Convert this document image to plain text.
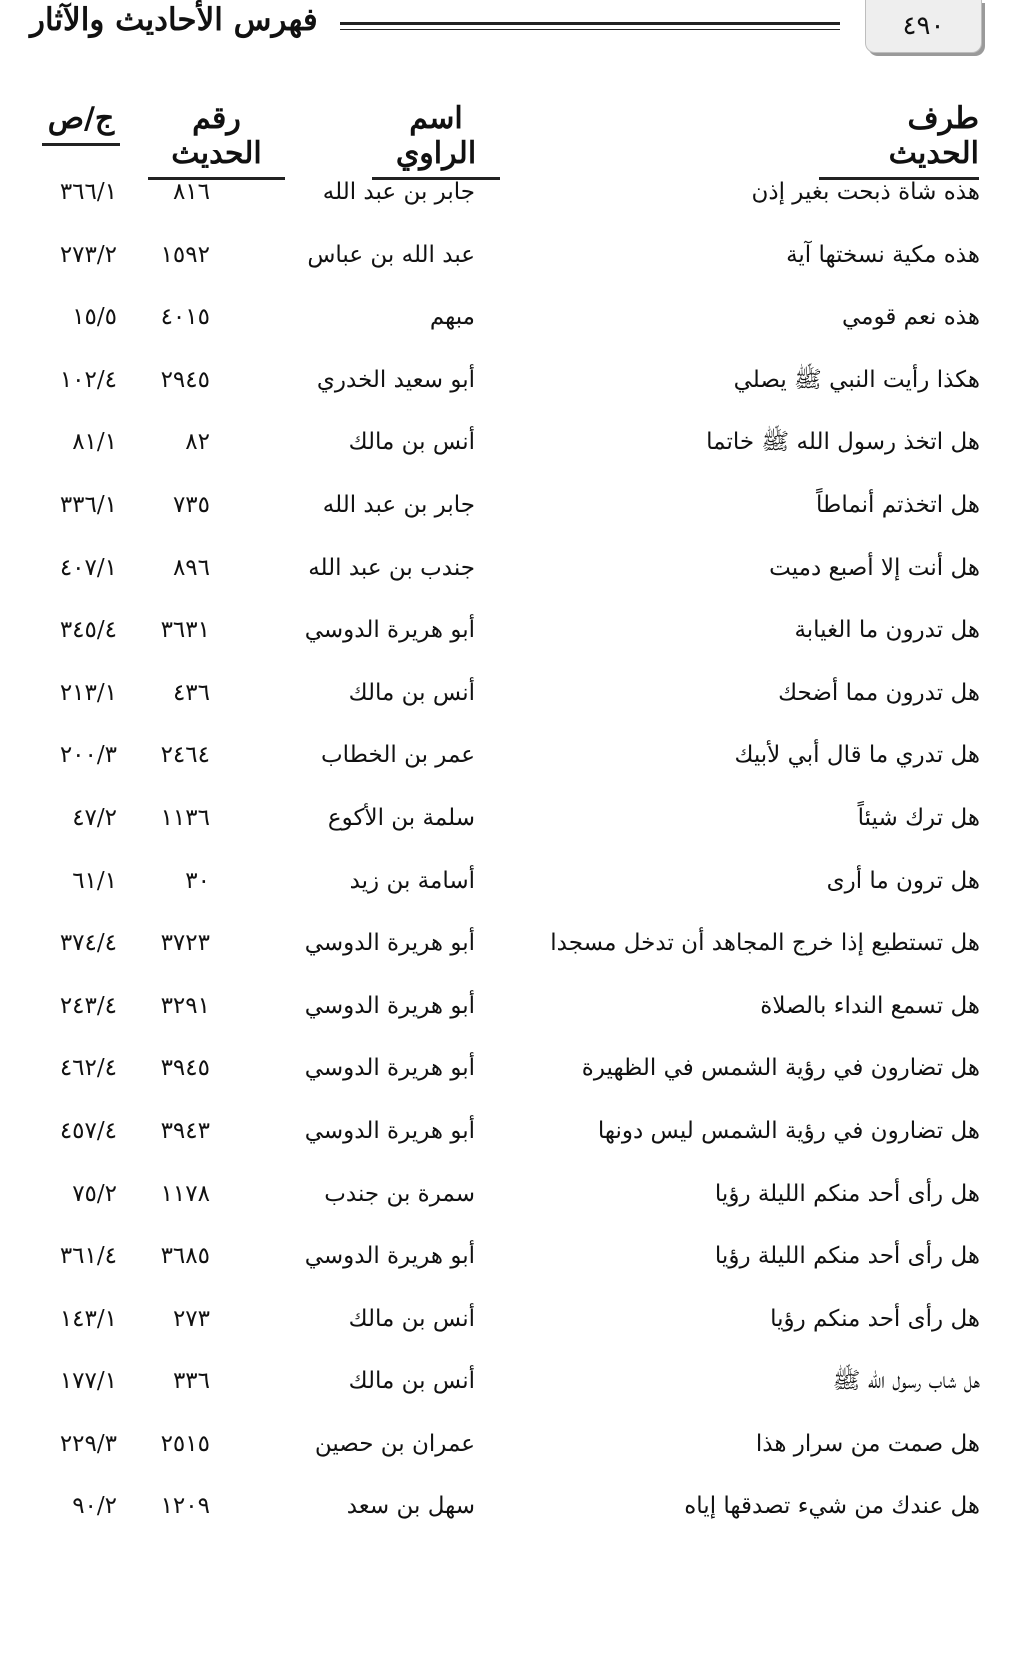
٤٩٠
فهرس الأحاديث والآثار
طرف الحديث
اسم الراوي
رقم الحديث
ج/ص
هذه شاة ذبحت بغير إذن
جابر بن عبد الله
٨١٦
٣٦٦/١
هذه مكية نسختها آية
عبد الله بن عباس
١٥٩٢
٢٧٣/٢
هذه نعم قومي
مبهم
٤٠١٥
١٥/٥
هكذا رأيت النبي ﷺ يصلي
أبو سعيد الخدري
٢٩٤٥
١٠٢/٤
هل اتخذ رسول الله ﷺ خاتما
أنس بن مالك
٨٢
٨١/١
هل اتخذتم أنماطاً
جابر بن عبد الله
٧٣٥
٣٣٦/١
هل أنت إلا أصبع دميت
جندب بن عبد الله
٨٩٦
٤٠٧/١
هل تدرون ما الغيابة
أبو هريرة الدوسي
٣٦٣١
٣٤٥/٤
هل تدرون مما أضحك
أنس بن مالك
٤٣٦
٢١٣/١
هل تدري ما قال أبي لأبيك
عمر بن الخطاب
٢٤٦٤
٢٠٠/٣
هل ترك شيئاً
سلمة بن الأكوع
١١٣٦
٤٧/٢
هل ترون ما أرى
أسامة بن زيد
٣٠
٦١/١
هل تستطيع إذا خرج المجاهد أن تدخل مسجدا
أبو هريرة الدوسي
٣٧٢٣
٣٧٤/٤
هل تسمع النداء بالصلاة
أبو هريرة الدوسي
٣٢٩١
٢٤٣/٤
هل تضارون في رؤية الشمس في الظهيرة
أبو هريرة الدوسي
٣٩٤٥
٤٦٢/٤
هل تضارون في رؤية الشمس ليس دونها
أبو هريرة الدوسي
٣٩٤٣
٤٥٧/٤
هل رأى أحد منكم الليلة رؤيا
سمرة بن جندب
١١٧٨
٧٥/٢
هل رأى أحد منكم الليلة رؤيا
أبو هريرة الدوسي
٣٦٨٥
٣٦١/٤
هل رأى أحد منكم رؤيا
أنس بن مالك
٢٧٣
١٤٣/١
هل شاب رسول الله ﷺ
أنس بن مالك
٣٣٦
١٧٧/١
هل صمت من سرار هذا
عمران بن حصين
٢٥١٥
٢٢٩/٣
هل عندك من شيء تصدقها إياه
سهل بن سعد
١٢٠٩
٩٠/٢
